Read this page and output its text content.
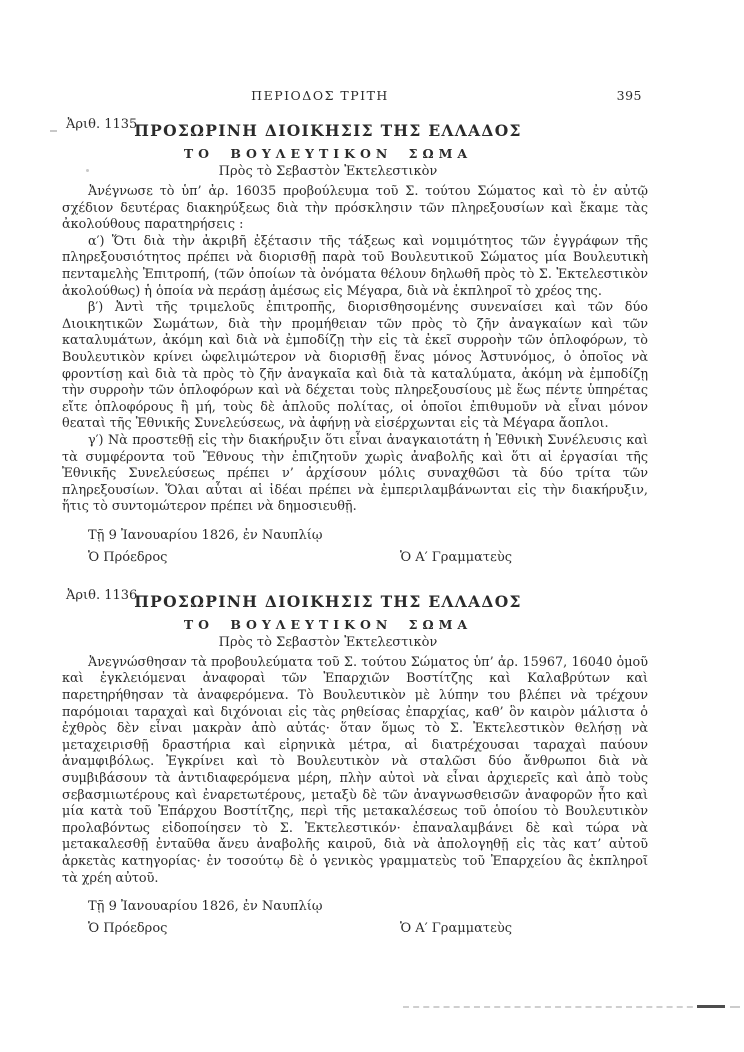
ΠΕΡΙΟΔΟΣ ΤΡΙΤΗ	395
Ἀριθ. 1135
ΠΡΟΣΩΡΙΝΗ ΔΙΟΙΚΗΣΙΣ ΤΗΣ ΕΛΛΑΔΟΣ
ΤΟ ΒΟΥΛΕΥΤΙΚΟΝ ΣΩΜΑ
Πρὸς τὸ Σεβαστὸν Ἐκτελεστικὸν

Ἀνέγνωσε τὸ ὑπ’ ἀρ. 16035 προβούλευμα τοῦ Σ. τούτου Σώματος καὶ τὸ ἐν αὐτῷ σχέδιον δευτέρας διακηρύξεως διὰ τὴν πρόσκλησιν τῶν πληρεξουσίων καὶ ἔκαμε τὰς ἀκολούθους παρατηρήσεις :

α′) Ὅτι διὰ τὴν ἀκριβῆ ἐξέτασιν τῆς τάξεως καὶ νομιμότητος τῶν ἐγγράφων τῆς πληρεξουσιότητος πρέπει νὰ διορισθῇ παρὰ τοῦ Βουλευτικοῦ Σώματος μία Βουλευτικὴ πενταμελὴς Ἐπιτροπή, (τῶν ὁποίων τὰ ὀνόματα θέλουν δηλωθῆ πρὸς τὸ Σ. Ἐκτελεστικὸν ἀκολούθως) ἡ ὁποία νὰ περάσῃ ἀμέσως εἰς Μέγαρα, διὰ νὰ ἐκπληροῖ τὸ χρέος της.

β′) Ἀντὶ τῆς τριμελοῦς ἐπιτροπῆς, διορισθησομένης συνεναίσει καὶ τῶν δύο Διοικητικῶν Σωμάτων, διὰ τὴν προμήθειαν τῶν πρὸς τὸ ζῆν ἀναγκαίων καὶ τῶν καταλυμάτων, ἀκόμη καὶ διὰ νὰ ἐμποδίζῃ τὴν εἰς τὰ ἐκεῖ συρροὴν τῶν ὁπλοφόρων, τὸ Βουλευτικὸν κρίνει ὠφελιμώτερον νὰ διορισθῇ ἕνας μόνος Ἀστυνόμος, ὁ ὁποῖος νὰ φροντίσῃ καὶ διὰ τὰ πρὸς τὸ ζῆν ἀναγκαῖα καὶ διὰ τὰ καταλύματα, ἀκόμη νὰ ἐμποδίζῃ τὴν συρροὴν τῶν ὁπλοφόρων καὶ νὰ δέχεται τοὺς πληρεξουσίους μὲ ἕως πέντε ὑπηρέτας εἴτε ὁπλοφόρους ἢ μή, τοὺς δὲ ἁπλοῦς πολίτας, οἱ ὁποῖοι ἐπιθυμοῦν νὰ εἶναι μόνον θεαταὶ τῆς Ἐθνικῆς Συνελεύσεως, νὰ ἀφήνῃ νὰ εἰσέρχωνται εἰς τὰ Μέγαρα ἄοπλοι.

γ′) Νὰ προστεθῇ εἰς τὴν διακήρυξιν ὅτι εἶναι ἀναγκαιοτάτη ἡ Ἐθνικὴ Συνέλευσις καὶ τὰ συμφέροντα τοῦ Ἔθνους τὴν ἐπιζητοῦν χωρὶς ἀναβολῆς καὶ ὅτι αἱ ἐργασίαι τῆς Ἐθνικῆς Συνελεύσεως πρέπει ν’ ἀρχίσουν μόλις συναχθῶσι τὰ δύο τρίτα τῶν πληρεξουσίων. Ὅλαι αὗται αἱ ἰδέαι πρέπει νὰ ἐμπεριλαμβάνωνται εἰς τὴν διακήρυξιν, ἥτις τὸ συντομώτερον πρέπει νὰ δημοσιευθῇ.

Τῇ 9 Ἰανουαρίου 1826, ἐν Ναυπλίῳ
Ὁ Πρόεδρος	Ὁ Α′ Γραμματεὺς
Ἀριθ. 1136
ΠΡΟΣΩΡΙΝΗ ΔΙΟΙΚΗΣΙΣ ΤΗΣ ΕΛΛΑΔΟΣ
ΤΟ ΒΟΥΛΕΥΤΙΚΟΝ ΣΩΜΑ
Πρὸς τὸ Σεβαστὸν Ἐκτελεστικὸν

Ἀνεγνώσθησαν τὰ προβουλεύματα τοῦ Σ. τούτου Σώματος ὑπ’ ἀρ. 15967, 16040 ὁμοῦ καὶ ἐγκλειόμεναι ἀναφοραὶ τῶν Ἐπαρχιῶν Βοστίτζης καὶ Καλαβρύτων καὶ παρετηρήθησαν τὰ ἀναφερόμενα. Τὸ Βουλευτικὸν μὲ λύπην του βλέπει νὰ τρέχουν παρόμοιαι ταραχαὶ καὶ διχόνοιαι εἰς τὰς ρηθείσας ἐπαρχίας, καθ’ ὃν καιρὸν μάλιστα ὁ ἐχθρὸς δὲν εἶναι μακρὰν ἀπὸ αὐτάς· ὅταν ὅμως τὸ Σ. Ἐκτελεστικὸν θελήσῃ νὰ μεταχειρισθῇ δραστήρια καὶ εἰρηνικὰ μέτρα, αἱ διατρέχουσαι ταραχαὶ παύουν ἀναμφιβόλως. Ἐγκρίνει καὶ τὸ Βουλευτικὸν νὰ σταλῶσι δύο ἄνθρωποι διὰ νὰ συμβιβάσουν τὰ ἀντιδιαφερόμενα μέρη, πλὴν αὐτοὶ νὰ εἶναι ἀρχιερεῖς καὶ ἀπὸ τοὺς σεβασμιωτέρους καὶ ἐναρετωτέρους, μεταξὺ δὲ τῶν ἀναγνωσθεισῶν ἀναφορῶν ἦτο καὶ μία κατὰ τοῦ Ἐπάρχου Βοστίτζης, περὶ τῆς μετακαλέσεως τοῦ ὁποίου τὸ Βουλευτικὸν προλαβόντως εἰδοποίησεν τὸ Σ. Ἐκτελεστικόν· ἐπαναλαμβάνει δὲ καὶ τώρα νὰ μετακαλεσθῇ ἐνταῦθα ἄνευ ἀναβολῆς καιροῦ, διὰ νὰ ἀπολογηθῇ εἰς τὰς κατ’ αὐτοῦ ἀρκετὰς κατηγορίας· ἐν τοσούτῳ δὲ ὁ γενικὸς γραμματεὺς τοῦ Ἐπαρχείου ἂς ἐκπληροῖ τὰ χρέη αὐτοῦ.

Τῇ 9 Ἰανουαρίου 1826, ἐν Ναυπλίῳ
Ὁ Πρόεδρος	Ὁ Α′ Γραμματεὺς
